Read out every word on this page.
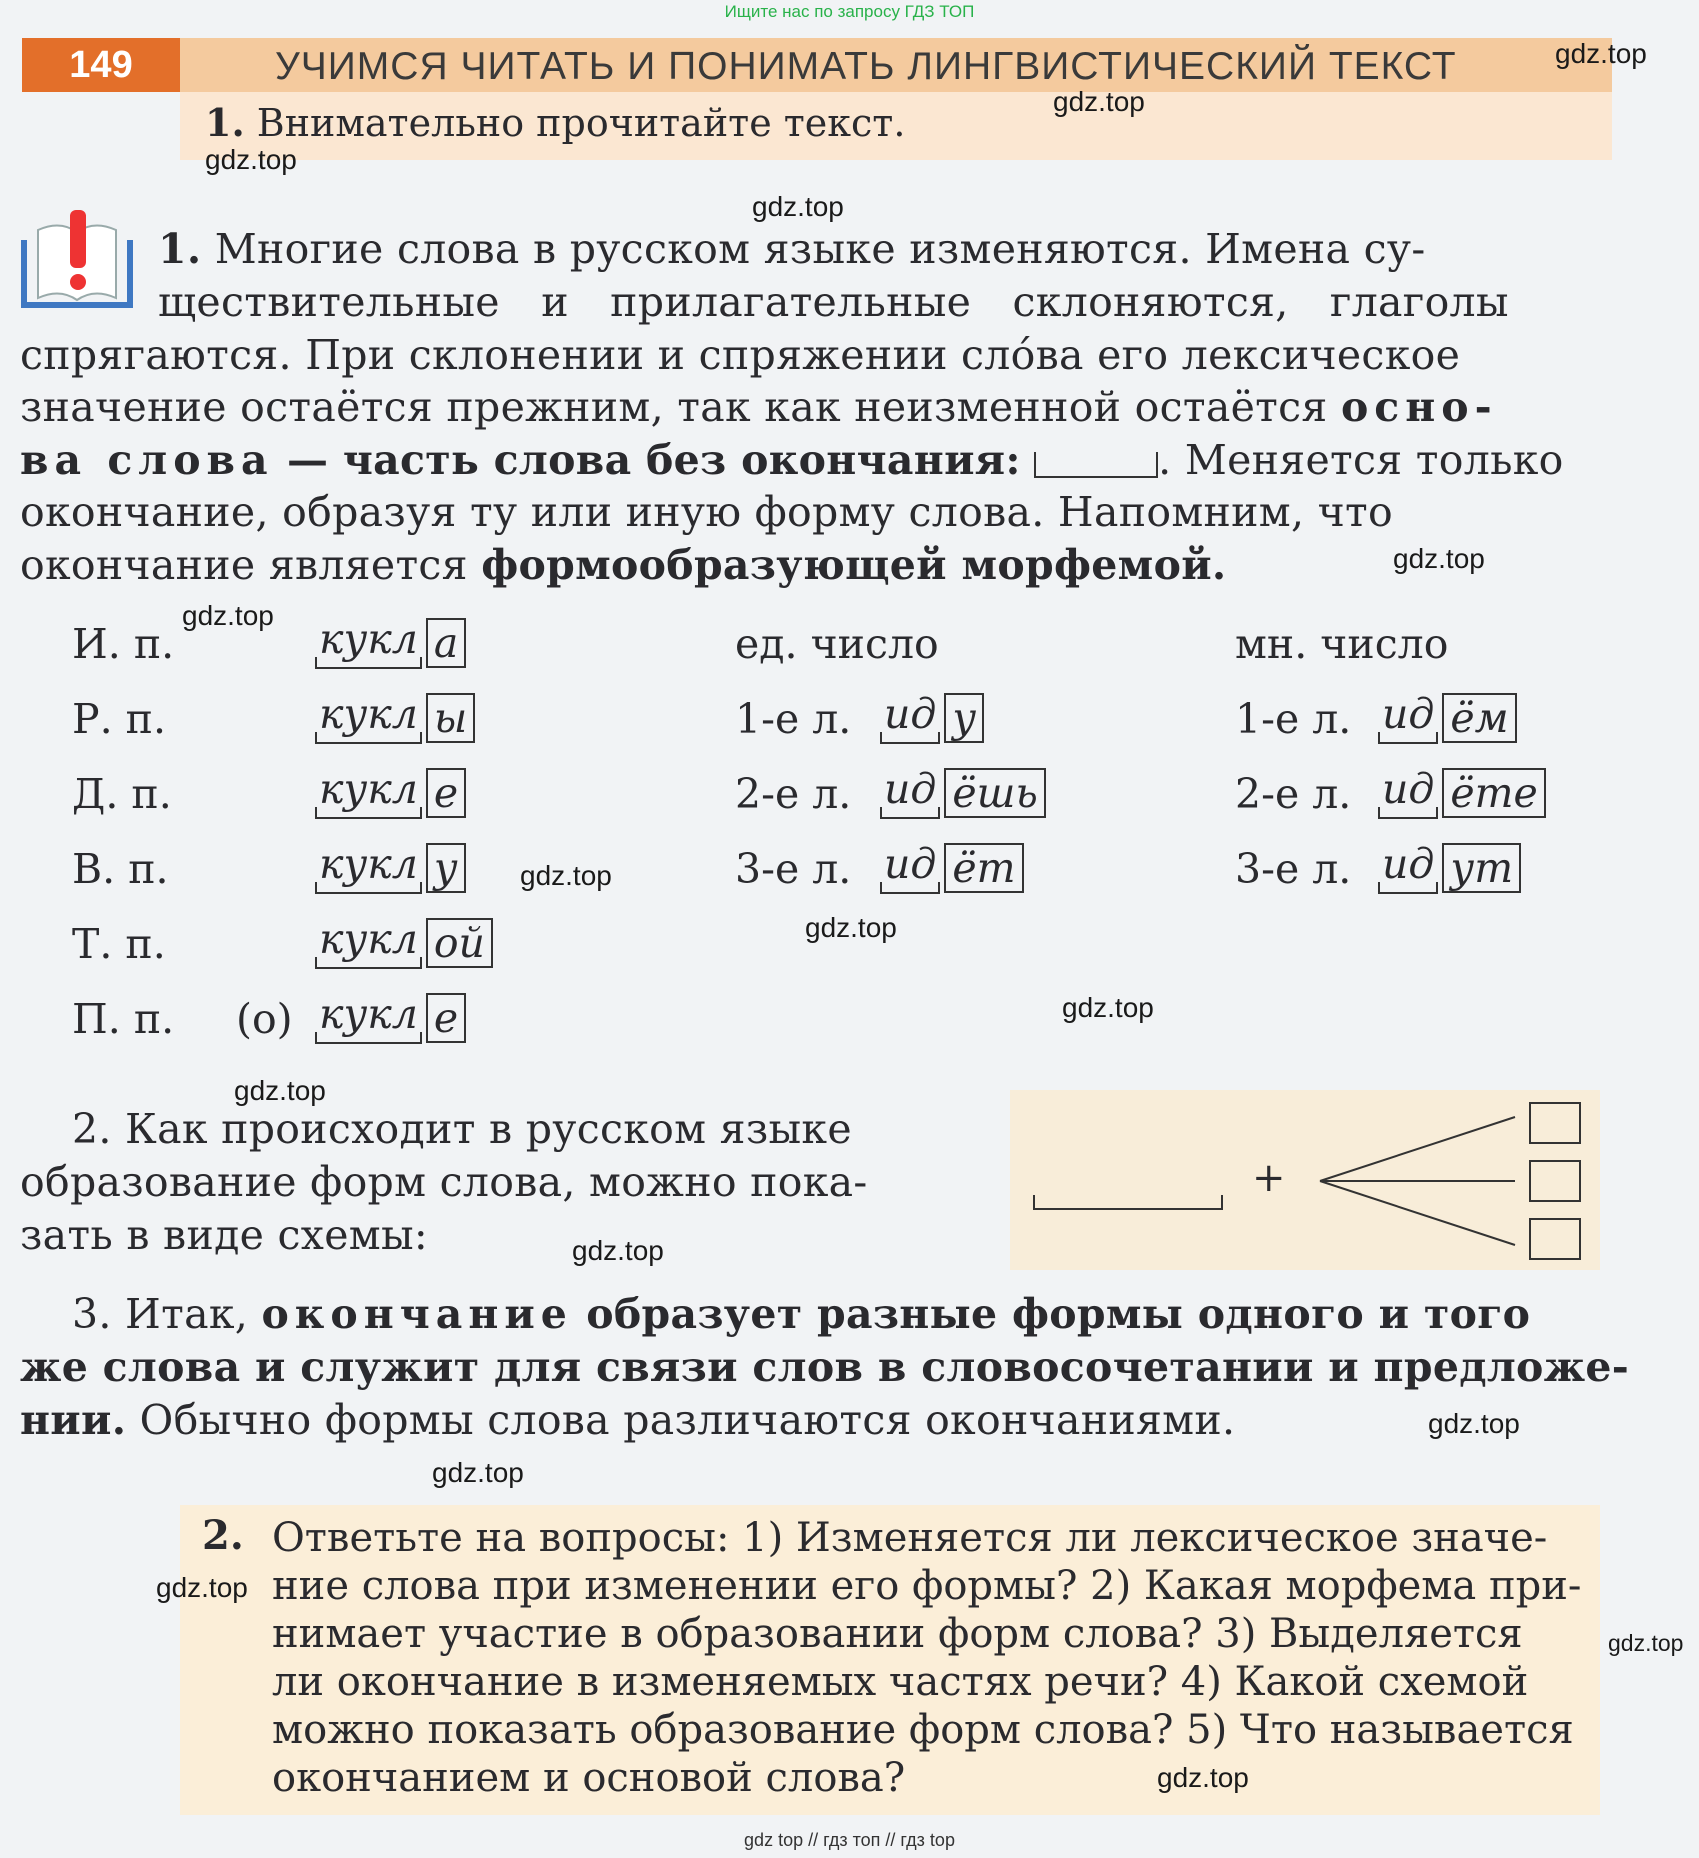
Ищите нас по запросу ГДЗ ТОП
149	УЧИМСЯ ЧИТАТЬ И ПОНИМАТЬ ЛИНГВИСТИЧЕСКИЙ ТЕКСТ
1. Внимательно прочитайте текст.
1. Многие слова в русском языке изменяются. Имена су-
ществительные и прилагательные склоняются, глаголы
спрягаются. При склонении и спряжении сло́ва его лексическое
значение остаётся прежним, так как неизменной остаётся осно-
ва слова — часть слова без окончания:	. Меняется только
окончание, образуя ту или иную форму слова. Напомним, что
окончание является формообразующей морфемой.
И. п.
Р. п.
Д. п.
В. п.
Т. п.
П. п. (о)
кукл а
кукл ы
кукл е
кукл у
кукл ой
кукл е
ед. число
1-е л.
2-е л.
3-е л.
ид у
ид ёшь
ид ёт
мн. число
1-е л.
2-е л.
3-е л.
ид ём
ид ёте
ид ут
2. Как происходит в русском языке
образование форм слова, можно пока-
зать в виде схемы:
+
3. Итак, окончание образует разные формы одного и того
же слова и служит для связи слов в словосочетании и предложе-
нии. Обычно формы слова различаются окончаниями.
2. Ответьте на вопросы: 1) Изменяется ли лексическое значе-
ние слова при изменении его формы? 2) Какая морфема при-
нимает участие в образовании форм слова? 3) Выделяется
ли окончание в изменяемых частях речи? 4) Какой схемой
можно показать образование форм слова? 5) Что называется
окончанием и основой слова?
gdz.top
gdz.top
gdz.top
gdz.top
gdz.top
gdz.top
gdz.top
gdz.top
gdz.top
gdz.top
gdz.top
gdz.top
gdz.top
gdz.top
gdz.top
gdz.top
gdz top // гдз топ // гдз top
